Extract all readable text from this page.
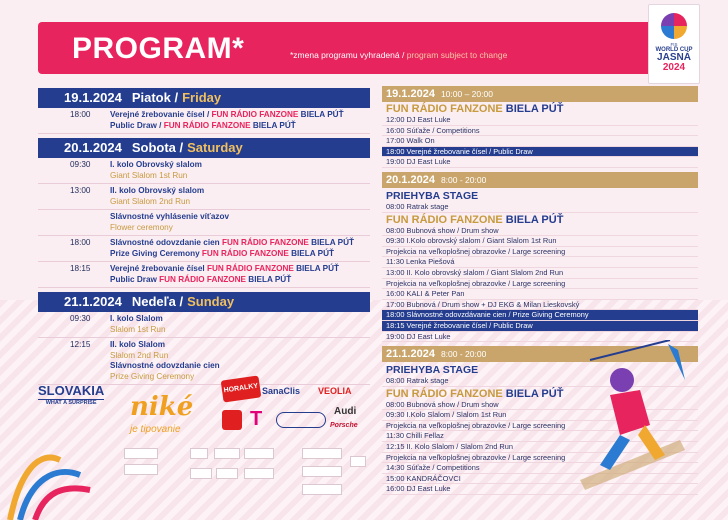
PROGRAM*	*zmena programu vyhradená / program subject to change
FIS
WORLD CUP
JASNÁ
2024
19.1.2024 Piatok / Friday
18:00	Verejné žrebovanie čísel / FUN RÁDIO FANZONE BIELA PÚŤ
Public Draw / FUN RÁDIO FANZONE BIELA PÚŤ
20.1.2024 Sobota / Saturday
09:30	I. kolo Obrovský slalom
Giant Slalom 1st Run
13:00	II. kolo Obrovský slalom
Giant Slalom 2nd Run
Slávnostné vyhlásenie víťazov
Flower ceremony
18:00	Slávnostné odovzdanie cien FUN RÁDIO FANZONE BIELA PÚŤ
Prize Giving Ceremony FUN RÁDIO FANZONE BIELA PÚŤ
18:15	Verejné žrebovanie čísel FUN RÁDIO FANZONE BIELA PÚŤ
Public Draw FUN RÁDIO FANZONE BIELA PÚŤ
21.1.2024 Nedeľa / Sunday
09:30	I. kolo Slalom
Slalom 1st Run
12:15	II. kolo Slalom
Slalom 2nd Run
Slávnostné odovzdanie cien
Prize Giving Ceremony
19.1.2024 10:00 – 20:00
FUN RÁDIO FANZONE BIELA PÚŤ
12:00 DJ East Luke
16:00 Súťaže / Competitions
17:00 Walk On
18:00 Verejné žrebovanie čísel / Public Draw
19:00 DJ East Luke
20.1.2024 8:00 - 20:00
PRIEHYBA STAGE
08:00 Ratrak stage
FUN RÁDIO FANZONE BIELA PÚŤ
08:00 Bubnová show / Drum show
09:30 I.Kolo obrovský slalom / Giant Slalom 1st Run
Projekcia na veľkoplošnej obrazovke / Large screening
11:30 Lenka Piešová
13:00 II. Kolo obrovský slalom / Giant Slalom 2nd Run
Projekcia na veľkoplošnej obrazovke / Large screening
16:00 KALI & Peter Pan
17:00 Bubnová / Drum show + DJ EKG & Milan Lieskovský
18:00 Slávnostné odovzdávanie cien / Prize Giving Ceremony
18:15 Verejné žrebovanie čísel / Public Draw
19:00 DJ East Luke
21.1.2024 8:00 - 20:00
PRIEHYBA STAGE
08:00 Ratrak stage
FUN RÁDIO FANZONE BIELA PÚŤ
08:00 Bubnová show / Drum show
09:30 I.Kolo Slalom / Slalom 1st Run
Projekcia na veľkoplošnej obrazovke / Large screening
11:30 Chilli Fellaz
12:15 II. Kolo Slalom / Slalom 2nd Run
Projekcia na veľkoplošnej obrazovke / Large screening
14:30 Súťaže / Competitions
15:00 KANDRÁČOVCI
16:00 DJ East Luke
SLOVAKIA
WHAT A SURPRISE niké
je tipovanie
HORALKY SanaClis VEOLIA
T	Audi
Porsche
